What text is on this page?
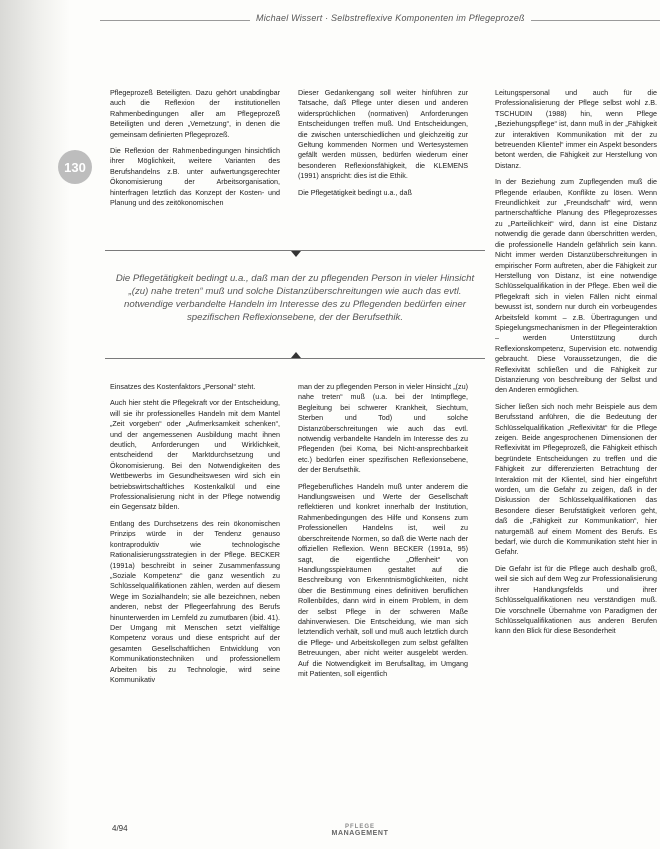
Michael Wissert · Selbstreflexive Komponenten im Pflegeprozeß
130

Pflegeprozeß Beteiligten. Dazu gehört unabdingbar auch die Reflexion der institutionellen Rahmenbedingungen aller am Pflegeprozeß Beteiligten und deren „Vernetzung“, in denen die gemeinsam definierten Pflegeprozeß.

Die Reflexion der Rahmenbedingungen hinsichtlich ihrer Möglichkeit, weitere Varianten des Berufshandelns z.B. unter aufwertungsgerechter Ökonomisierung der Arbeitsorganisation, hinterfragen letztlich das Konzept der Kosten- und Planung und des zeitökonomischen

Dieser Gedankengang soll weiter hinführen zur Tatsache, daß Pflege unter diesen und anderen widersprüchlichen (normativen) Anforderungen Entscheidungen treffen muß. Und Entscheidungen, die zwischen unterschiedlichen und gleichzeitig zur Geltung kommenden Normen und Wertesystemen gefällt werden müssen, bedürfen wiederum einer besonderen Reflexionsfähigkeit, die KLEMENS (1991) anspricht: dies ist die Ethik.

Die Pflegetätigkeit bedingt u.a., daß

Die Pflegetätigkeit bedingt u.a., daß man der zu pflegenden Person in vieler Hinsicht „(zu) nahe treten“ muß und solche Distanzüberschreitungen wie auch das evtl. notwendige verbandelte Handeln im Interesse des zu Pflegenden bedürfen einer spezifischen Reflexionsebene, der der Berufsethik.

Einsatzes des Kostenfaktors „Personal“ steht.

Auch hier steht die Pflegekraft vor der Entscheidung, will sie ihr professionelles Handeln mit dem Mantel „Zeit vorgeben“ oder „Aufmerksamkeit schenken“, und der angemessenen Ausbildung macht ihnen deutlich, Anforderungen und Wirklichkeit, entscheidend der Marktdurchsetzung und Ökonomisierung. Bei den Notwendigkeiten des Wettbewerbs im Gesundheitswesen wird sich ein betriebswirtschaftliches Kostenkalkül und eine Professionalisierung nicht in der Pflege notwendig ein Gegensatz bilden.

Entlang des Durchsetzens des rein ökonomischen Prinzips würde in der Tendenz genauso kontraproduktiv wie technologische Rationalisierungsstrategien in der Pflege. BECKER (1991a) beschreibt in seiner Zusammenfassung „Soziale Kompetenz“ die ganz wesentlich zu Schlüsselqualifikationen zählen, werden auf diesem Wege im Sozialhandeln; sie alle bezeichnen, neben anderen, nebst der Pflegeerfahrung des Berufs hinunterwerden im Lernfeld zu zumutbaren (ibid. 41). Der Umgang mit Menschen setzt vielfältige Kompetenz voraus und diese entspricht auf der gesamten Gesellschaftlichen Entwicklung von Kommunikationstechniken und professionellem Arbeiten bis zu Technologie, wird seine Kommunikativ

man der zu pflegenden Person in vieler Hinsicht „(zu) nahe treten“ muß (u.a. bei der Intimpflege, Begleitung bei schwerer Krankheit, Siechtum, Sterben und Tod) und solche Distanzüberschreitungen wie auch das evtl. notwendig verbandelte Handeln im Interesse des zu Pflegenden (bei Koma, bei Nicht-ansprechbarkeit etc.) bedürfen einer spezifischen Reflexionsebene, der der Berufsethik.

Pflegeberufliches Handeln muß unter anderem die Handlungsweisen und Werte der Gesellschaft reflektieren und konkret innerhalb der Institution, Rahmenbedingungen des Hilfe und Konsens zum Professionellen Handelns ist, weil zu überschreitende Normen, so daß die Werte nach der offiziellen Reflexion. Wenn BECKER (1991a, 95) sagt, die eigentliche „Offenheit“ von Handlungsspielräumen gestaltet auf die Beschreibung von Erkenntnismöglichkeiten, nicht über die Bestimmung eines definitiven beruflichen Rollenbildes, dann wird in einem Problem, in dem der selbst Pflege in der schweren Maße dahinverwiesen. Die Entscheidung, wie man sich letztendlich verhält, soll und muß auch letztlich durch die Pflege- und Arbeitskollegen zum selbst gefällten Betreuungen, aber nicht weiter ausgelebt werden. Auf die Notwendigkeit im Berufsalltag, im Umgang mit Patienten, soll eigentlich

Leitungspersonal und auch für die Professionalisierung der Pflege selbst wohl z.B. TSCHUDIN (1988) hin, wenn Pflege „Beziehungspflege“ ist, dann muß in der „Fähigkeit zur interaktiven Kommunikation mit der zu betreuenden Klientel“ immer ein Aspekt besonders betont werden, die Fähigkeit zur Herstellung von Distanz.

In der Beziehung zum Zupflegenden muß die Pflegende erlauben, Konflikte zu lösen. Wenn Freundlichkeit zur „Freundschaft“ wird, wenn partnerschaftliche Planung des Pflegeprozesses zu „Parteilichkeit“ wird, dann ist eine Distanz notwendig die gerade dann überschritten werden, die professionelle Handeln gefährlich sein kann. Nicht immer werden Distanzüberschreitungen in empirischer Form auftreten, aber die Fähigkeit zur Herstellung von Distanz, ist eine notwendige Schlüsselqualifikation in der Pflege. Eben weil die Pflegekraft sich in vielen Fällen nicht einmal bewusst ist, sondern nur durch ein vorbeugendes Arbeitsfeld kommt – z.B. Übertragungen und Spiegelungsmechanismen in der Pflegeinteraktion – werden Unterstützung durch Reflexionskompetenz, Supervision etc. notwendig gebraucht. Diese Voraussetzungen, die die Reflexivität schließen und die Fähigkeit zur Distanzierung von beschreibung der Selbst und den Anderen ermöglichen.

Sicher ließen sich noch mehr Beispiele aus dem Berufsstand anführen, die die Bedeutung der Schlüsselqualifikation „Reflexivität“ für die Pflege zeigen. Beide angesprochenen Dimensionen der Reflexivität im Pflegeprozeß, die Fähigkeit ethisch begründete Entscheidungen zu treffen und die Fähigkeit zur differenzierten Betrachtung der Interaktion mit der Klientel, sind hier eingeführt worden, um die Gefahr zu zeigen, daß in der Diskussion der Schlüsselqualifikationen das Besondere dieser Berufstätigkeit verloren geht, daß die „Fähigkeit zur Kommunikation“, hier naturgemäß auf einem Moment des Berufs. Es bedarf, wie durch die Kommunikation steht hier in Gefahr.

Die Gefahr ist für die Pflege auch deshalb groß, weil sie sich auf dem Weg zur Professionalisierung ihrer Handlungsfelds und ihrer Schlüsselqualifikationen neu verständigen muß. Die vorschnelle Übernahme von Paradigmen der Schlüsselqualifikationen aus anderen Berufen kann den Blick für diese Besonderheit

4/94	PFLEGE
MANAGEMENT
